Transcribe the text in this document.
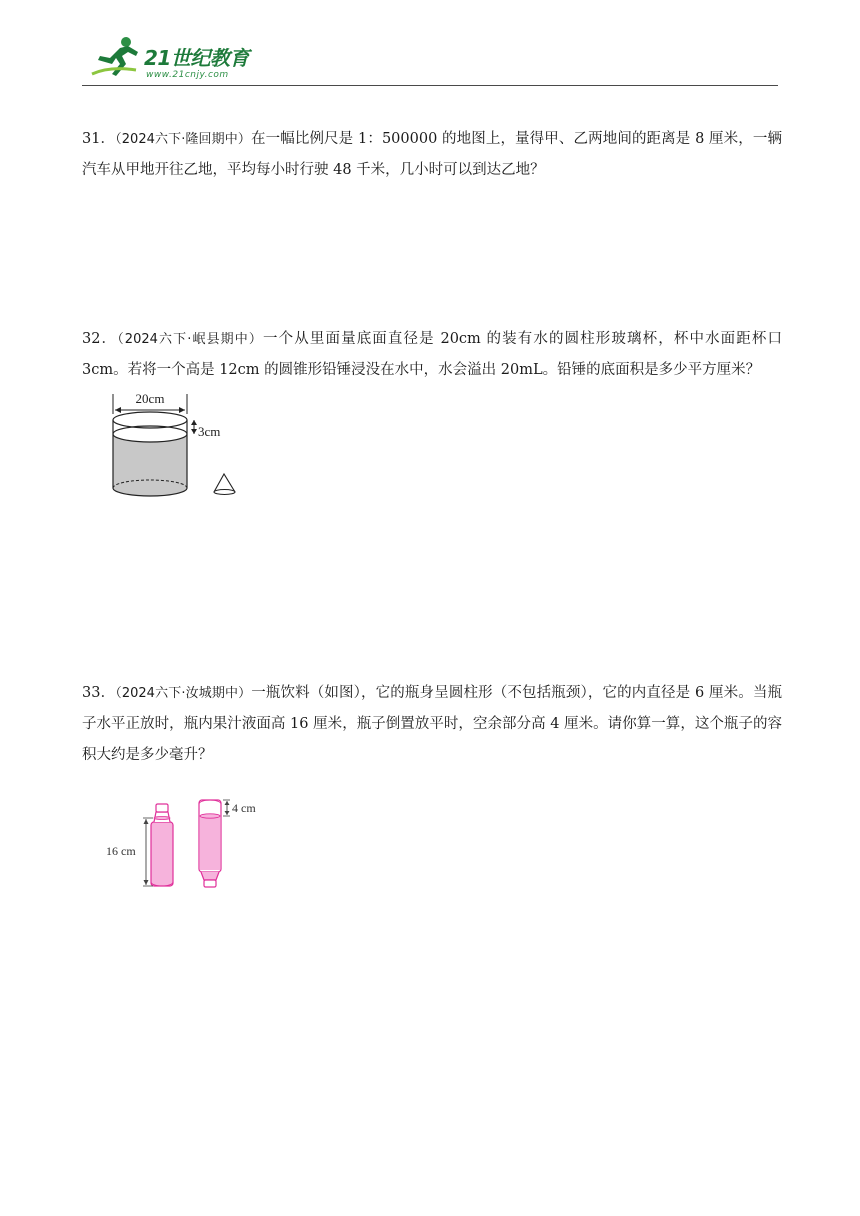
21世纪教育
www.21cnjy.com
31．（2024六下·隆回期中）在一幅比例尺是 1：500000 的地图上，量得甲、乙两地间的距离是 8 厘米，一辆汽车从甲地开往乙地，平均每小时行驶 48 千米，几小时可以到达乙地？
32．（2024六下·岷县期中）一个从里面量底面直径是 20cm 的装有水的圆柱形玻璃杯，杯中水面距杯口 3cm。若将一个高是 12cm 的圆锥形铅锤浸没在水中，水会溢出 20mL。铅锤的底面积是多少平方厘米？
20cm
3cm
33．（2024六下·汝城期中）一瓶饮料（如图），它的瓶身呈圆柱形（不包括瓶颈），它的内直径是 6 厘米。当瓶子水平正放时，瓶内果汁液面高 16 厘米，瓶子倒置放平时，空余部分高 4 厘米。请你算一算，这个瓶子的容积大约是多少毫升？
16 cm
4 cm
